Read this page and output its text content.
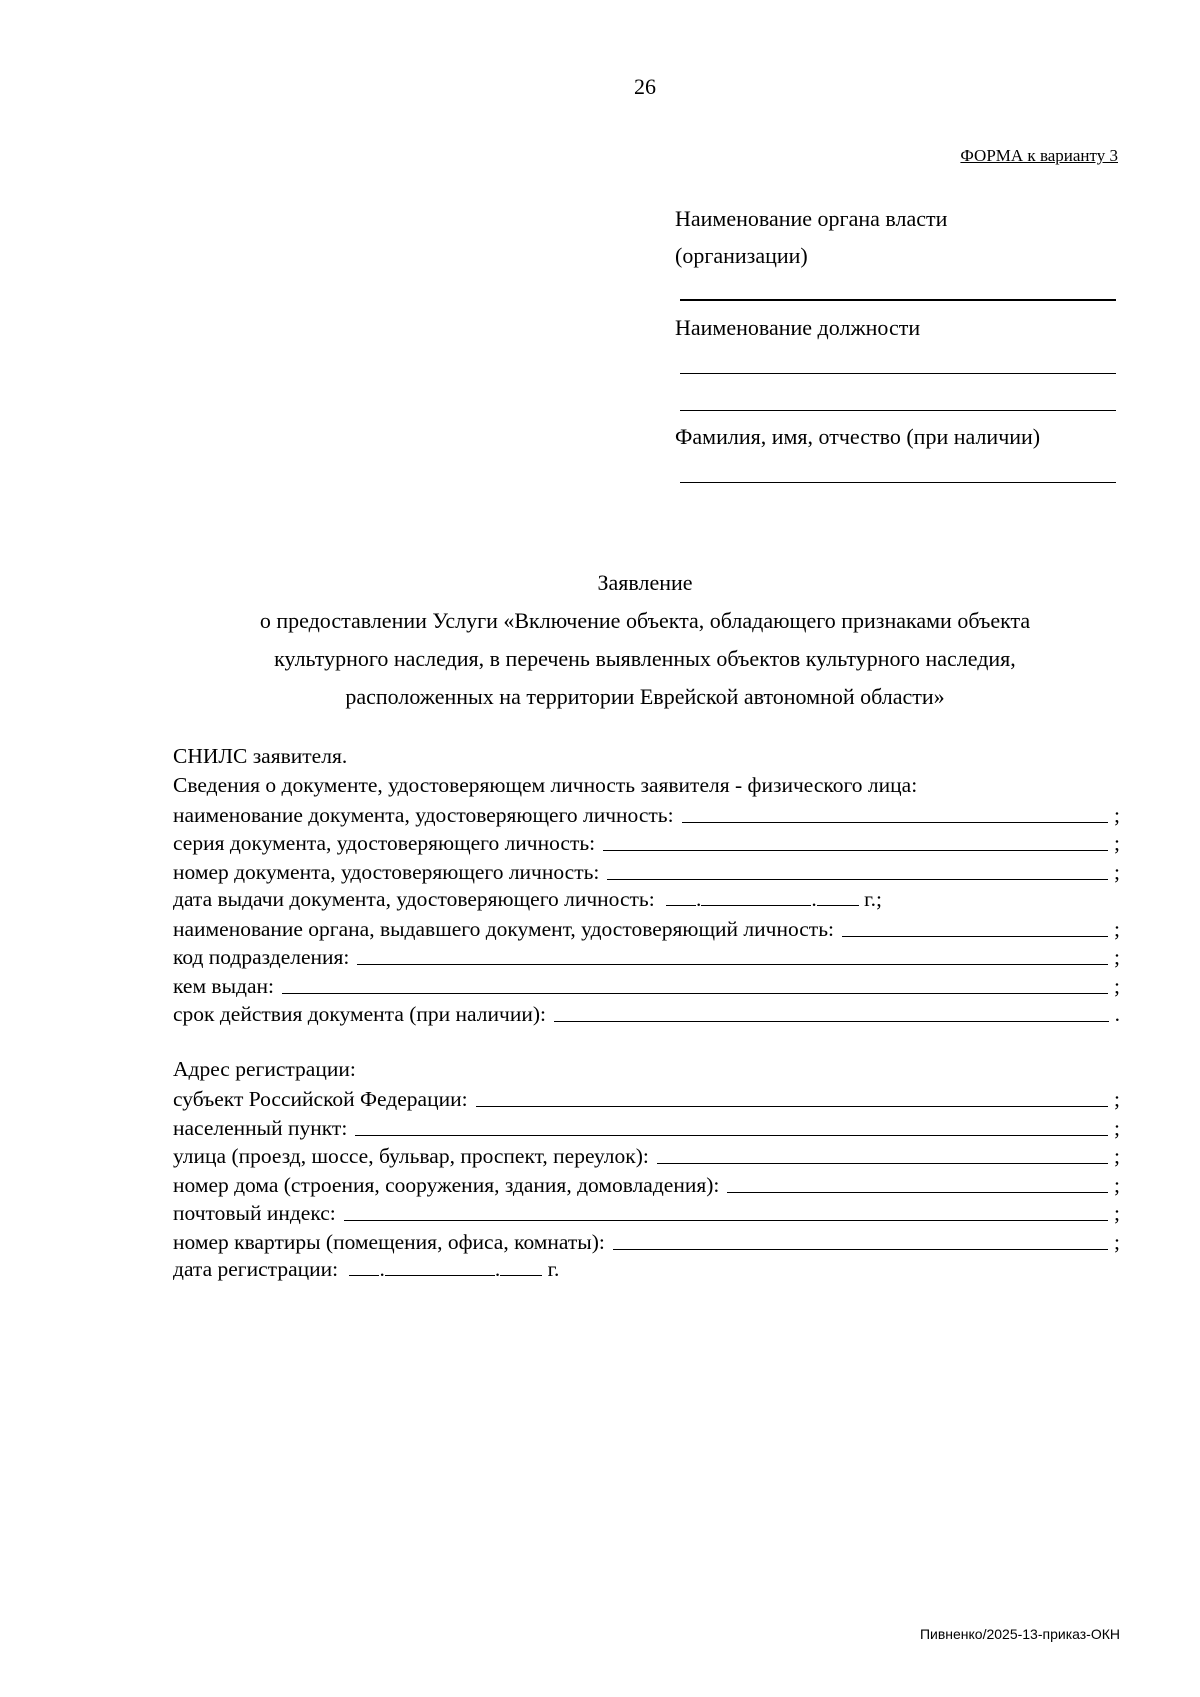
26
ФОРМА к варианту 3
Наименование органа власти
(организации)
Наименование должности
Фамилия, имя, отчество (при наличии)
Заявление
о предоставлении Услуги «Включение объекта, обладающего признаками объекта
культурного наследия, в перечень выявленных объектов культурного наследия,
расположенных на территории Еврейской автономной области»
СНИЛС заявителя.
Сведения о документе, удостоверяющем личность заявителя - физического лица:
наименование документа, удостоверяющего личность:	;
серия документа, удостоверяющего личность:	;
номер документа, удостоверяющего личность:	;
дата выдачи документа, удостоверяющего личность: .	. г.;
наименование органа, выдавшего документ, удостоверяющий личность:	;
код подразделения:	;
кем выдан:	;
срок действия документа (при наличии):	.
Адрес регистрации:
субъект Российской Федерации:	;
населенный пункт:	;
улица (проезд, шоссе, бульвар, проспект, переулок):	;
номер дома (строения, сооружения, здания, домовладения):	;
почтовый индекс:	;
номер квартиры (помещения, офиса, комнаты):	;
дата регистрации: .	. г.
Пивненко/2025-13-приказ-ОКН
